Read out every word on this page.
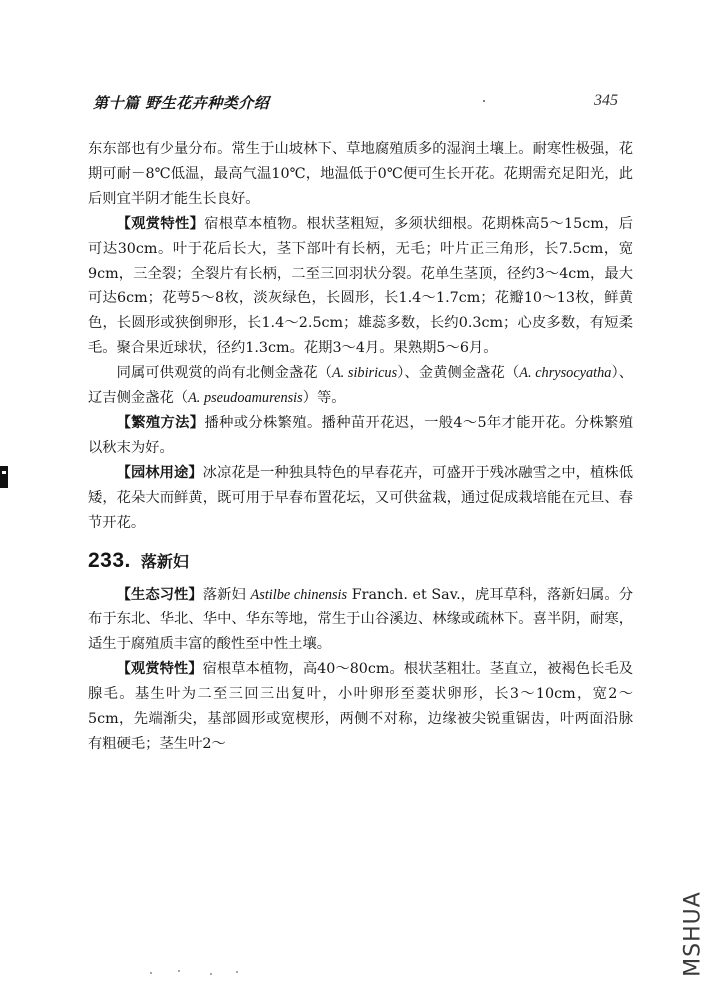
第十篇 野生花卉种类介绍	345

东东部也有少量分布。常生于山坡林下、草地腐殖质多的湿润土壤上。耐寒性极强，花期可耐－8℃低温，最高气温10℃，地温低于0℃便可生长开花。花期需充足阳光，此后则宜半阴才能生长良好。

【观赏特性】宿根草本植物。根状茎粗短，多须状细根。花期株高5～15cm，后可达30cm。叶于花后长大，茎下部叶有长柄，无毛；叶片正三角形，长7.5cm，宽9cm，三全裂；全裂片有长柄，二至三回羽状分裂。花单生茎顶，径约3～4cm，最大可达6cm；花萼5～8枚，淡灰绿色，长圆形，长1.4～1.7cm；花瓣10～13枚，鲜黄色，长圆形或狭倒卵形，长1.4～2.5cm；雄蕊多数，长约0.3cm；心皮多数，有短柔毛。聚合果近球状，径约1.3cm。花期3～4月。果熟期5～6月。

同属可供观赏的尚有北侧金盏花（A. sibiricus）、金黄侧金盏花（A. chrysocyatha）、辽吉侧金盏花（A. pseudoamurensis）等。

【繁殖方法】播种或分株繁殖。播种苗开花迟，一般4～5年才能开花。分株繁殖以秋末为好。

【园林用途】冰凉花是一种独具特色的早春花卉，可盛开于残冰融雪之中，植株低矮，花朵大而鲜黄，既可用于早春布置花坛，又可供盆栽，通过促成栽培能在元旦、春节开花。

233. 落新妇

【生态习性】落新妇 Astilbe chinensis Franch. et Sav.，虎耳草科，落新妇属。分布于东北、华北、华中、华东等地，常生于山谷溪边、林缘或疏林下。喜半阴，耐寒，适生于腐殖质丰富的酸性至中性土壤。

【观赏特性】宿根草本植物，高40～80cm。根状茎粗壮。茎直立，被褐色长毛及腺毛。基生叶为二至三回三出复叶，小叶卵形至菱状卵形，长3～10cm，宽2～5cm，先端渐尖，基部圆形或宽楔形，两侧不对称，边缘被尖锐重锯齿，叶两面沿脉有粗硬毛；茎生叶2～

MSHUA
